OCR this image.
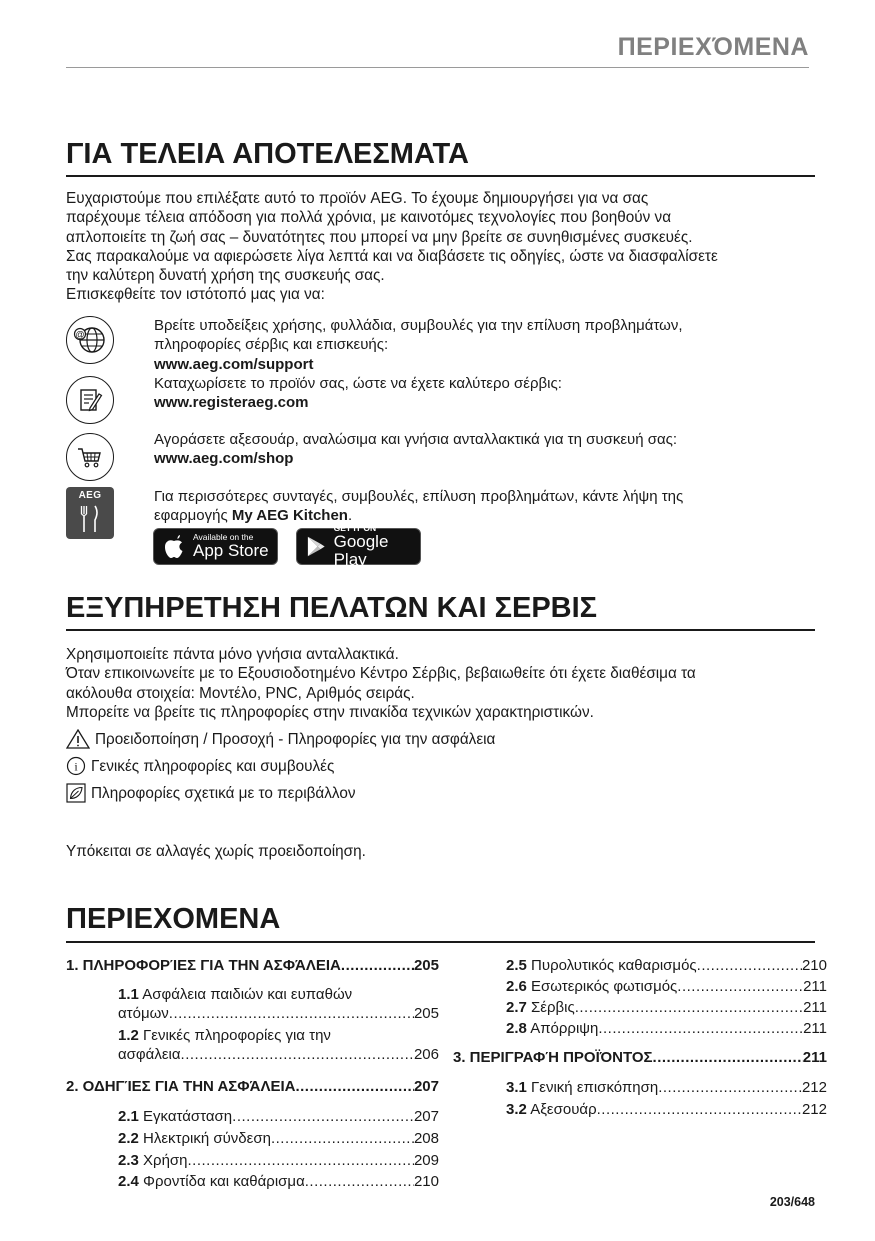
ΠΕΡΙΕΧΌΜΕΝΑ
ΓΙΑ ΤΕΛΕΙΑ ΑΠΟΤΕΛΕΣΜΑΤΑ

Ευχαριστούμε που επιλέξατε αυτό το προϊόν AEG. Το έχουμε δημιουργήσει για να σας

παρέχουμε τέλεια απόδοση για πολλά χρόνια, με καινοτόμες τεχνολογίες που βοηθούν να

απλοποιείτε τη ζωή σας – δυνατότητες που μπορεί να μην βρείτε σε συνηθισμένες συσκευές.

Σας παρακαλούμε να αφιερώσετε λίγα λεπτά και να διαβάσετε τις οδηγίες, ώστε να διασφαλίσετε

την καλύτερη δυνατή χρήση της συσκευής σας.

Επισκεφθείτε τον ιστότοπό μας για να:

@
Βρείτε υποδείξεις χρήσης, φυλλάδια, συμβουλές για την επίλυση προβλημάτων,
πληροφορίες σέρβις και επισκευής:
www.aeg.com/support
Καταχωρίσετε το προϊόν σας, ώστε να έχετε καλύτερο σέρβις:
www.registeraeg.com
Αγοράσετε αξεσουάρ, αναλώσιμα και γνήσια ανταλλακτικά για τη συσκευή σας:
www.aeg.com/shop
AEG	Για περισσότερες συνταγές, συμβουλές, επίλυση προβλημάτων, κάντε λήψη της
εφαρμογής My AEG Kitchen.
Available on the
App Store
GET IT ON
Google Play
ΕΞΥΠΗΡΕΤΗΣΗ ΠΕΛΑΤΩΝ ΚΑΙ ΣΕΡΒΙΣ

Χρησιμοποιείτε πάντα μόνο γνήσια ανταλλακτικά.

Όταν επικοινωνείτε με το Εξουσιοδοτημένο Κέντρο Σέρβις, βεβαιωθείτε ότι έχετε διαθέσιμα τα

ακόλουθα στοιχεία: Μοντέλο, PNC, Αριθμός σειράς.

Μπορείτε να βρείτε τις πληροφορίες στην πινακίδα τεχνικών χαρακτηριστικών.

Προειδοποίηση / Προσοχή - Πληροφορίες για την ασφάλεια
i Γενικές πληροφορίες και συμβουλές
Πληροφορίες σχετικά με το περιβάλλον
Υπόκειται σε αλλαγές χωρίς προειδοποίηση.
ΠΕΡΙΕΧΟΜΕΝΑ
1. ΠΛΗΡΟΦΟΡΊΕΣ ΓΙΑ ΤΗΝ ΑΣΦΆΛΕΙΑ .....	205
1.1 Ασφάλεια παιδιών και ευπαθών
ατόμων .....	205
1.2 Γενικές πληροφορίες για την
ασφάλεια .....	206
2. ΟΔΗΓΊΕΣ ΓΙΑ ΤΗΝ ΑΣΦΆΛΕΙΑ .....	207
2.1 Εγκατάσταση .....	207
2.2 Ηλεκτρική σύνδεση .....	208
2.3 Χρήση .....	209
2.4 Φροντίδα και καθάρισμα .....	210
2.5 Πυρολυτικός καθαρισμός .....	210
2.6 Εσωτερικός φωτισμός .....	211
2.7 Σέρβις .....	211
2.8 Απόρριψη .....	211
3. ΠΕΡΙΓΡΑΦΉ ΠΡΟΪΌΝΤΟΣ .....	211
3.1 Γενική επισκόπηση .....	212
3.2 Αξεσουάρ .....	212
203/648
